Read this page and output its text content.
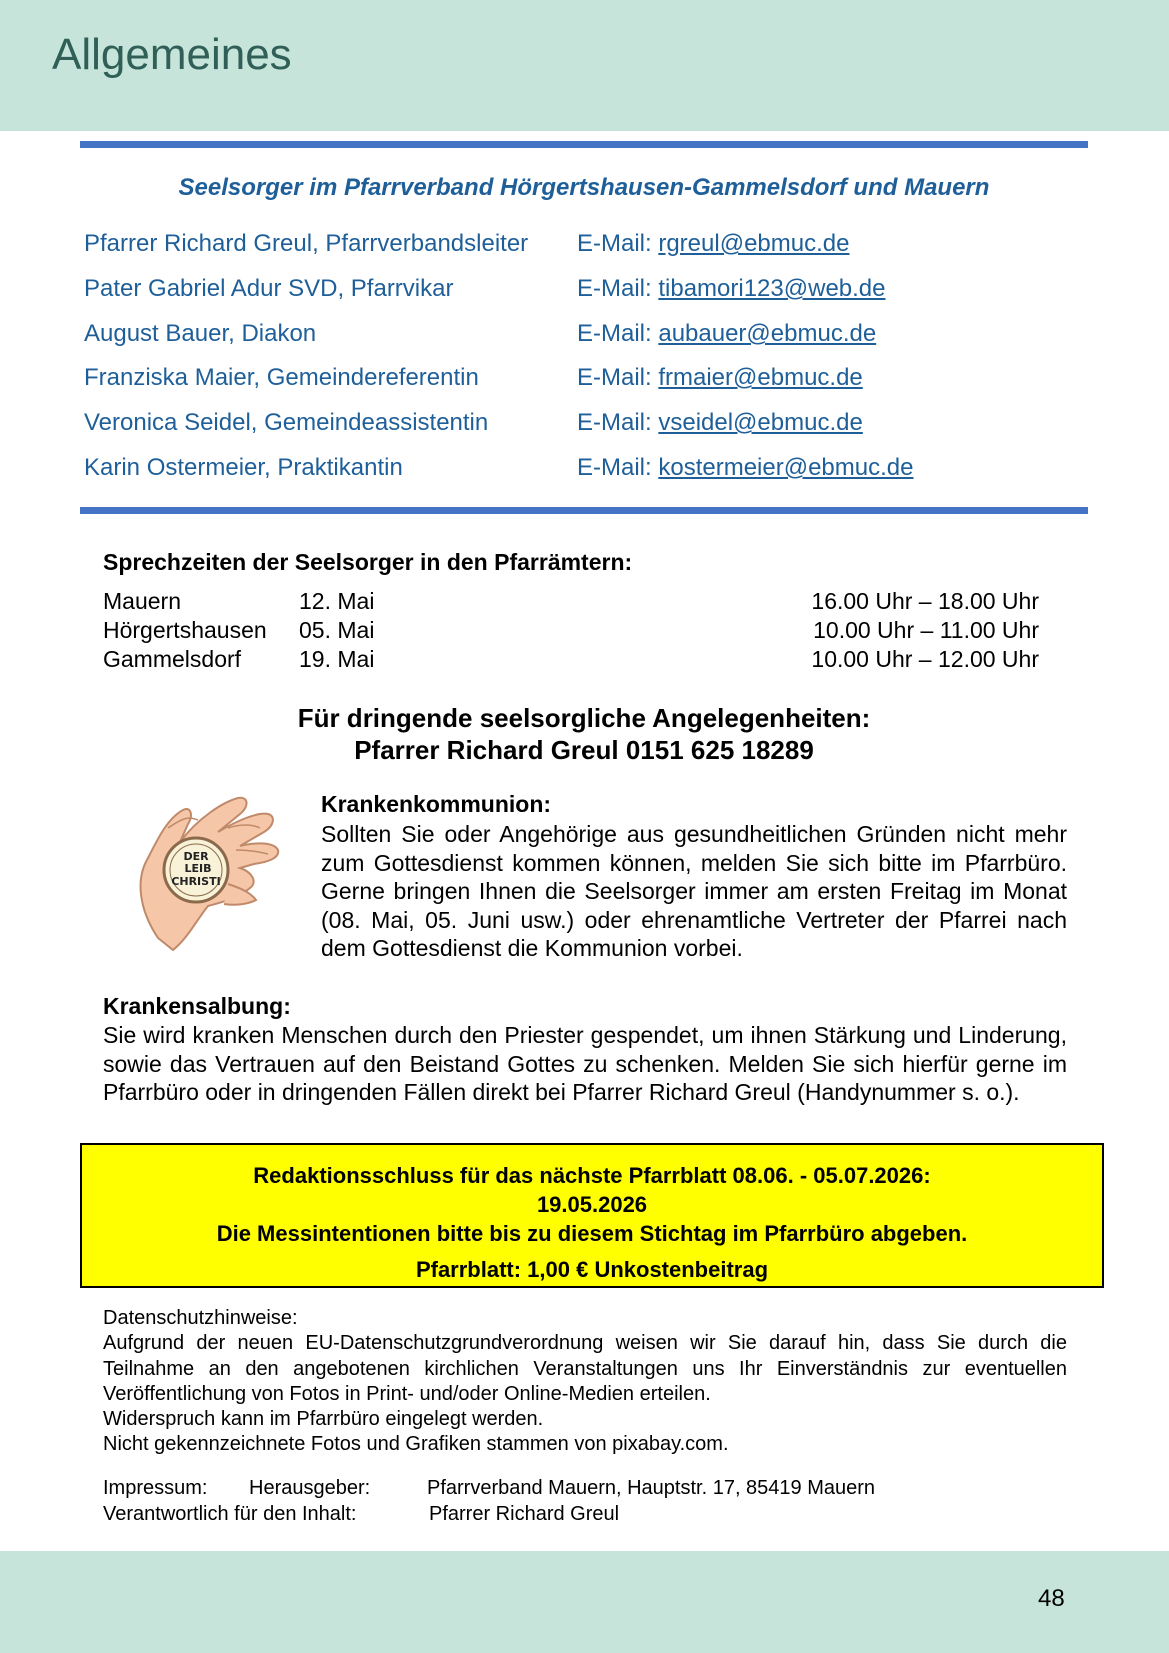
Allgemeines
Seelsorger im Pfarrverband Hörgertshausen-Gammelsdorf und Mauern
Pfarrer Richard Greul, Pfarrverbandsleiter E-Mail: rgreul@ebmuc.de
Pater Gabriel Adur SVD, Pfarrvikar	E-Mail: tibamori123@web.de
August Bauer, Diakon	E-Mail: aubauer@ebmuc.de
Franziska Maier, Gemeindereferentin	E-Mail: frmaier@ebmuc.de
Veronica Seidel, Gemeindeassistentin	E-Mail: vseidel@ebmuc.de
Karin Ostermeier, Praktikantin	E-Mail: kostermeier@ebmuc.de
Sprechzeiten der Seelsorger in den Pfarrämtern:
Mauern	12. Mai	16.00 Uhr – 18.00 Uhr
Hörgertshausen 05. Mai	10.00 Uhr – 11.00 Uhr
Gammelsdorf	19. Mai	10.00 Uhr – 12.00 Uhr
Für dringende seelsorgliche Angelegenheiten:
Pfarrer Richard Greul 0151 625 18289
DER
LEIB
CHRISTI
Krankenkommunion:

Sollten Sie oder Angehörige aus gesundheitlichen Gründen nicht mehr zum Gottesdienst kommen können, melden Sie sich bitte im Pfarrbüro. Gerne bringen Ihnen die Seelsorger immer am ersten Freitag im Monat (08. Mai, 05. Juni usw.) oder ehrenamtliche Vertreter der Pfarrei nach dem Gottesdienst die Kommunion vorbei.

Krankensalbung:

Sie wird kranken Menschen durch den Priester gespendet, um ihnen Stärkung und Linderung, sowie das Vertrauen auf den Beistand Gottes zu schenken. Melden Sie sich hierfür gerne im Pfarrbüro oder in dringenden Fällen direkt bei Pfarrer Richard Greul (Handynummer s. o.).

Redaktionsschluss für das nächste Pfarrblatt 08.06. - 05.07.2026:
19.05.2026
Die Messintentionen bitte bis zu diesem Stichtag im Pfarrbüro abgeben.
Pfarrblatt: 1,00 € Unkostenbeitrag

Datenschutzhinweise:

Aufgrund der neuen EU-Datenschutzgrundverordnung weisen wir Sie darauf hin, dass Sie durch die Teilnahme an den angebotenen kirchlichen Veranstaltungen uns Ihr Einverständnis zur eventuellen Veröffentlichung von Fotos in Print- und/oder Online-Medien erteilen.

Widerspruch kann im Pfarrbüro eingelegt werden.

Nicht gekennzeichnete Fotos und Grafiken stammen von pixabay.com.

Impressum: Herausgeber:	Pfarrverband Mauern, Hauptstr. 17, 85419 Mauern
Verantwortlich für den Inhalt:	Pfarrer Richard Greul
48
